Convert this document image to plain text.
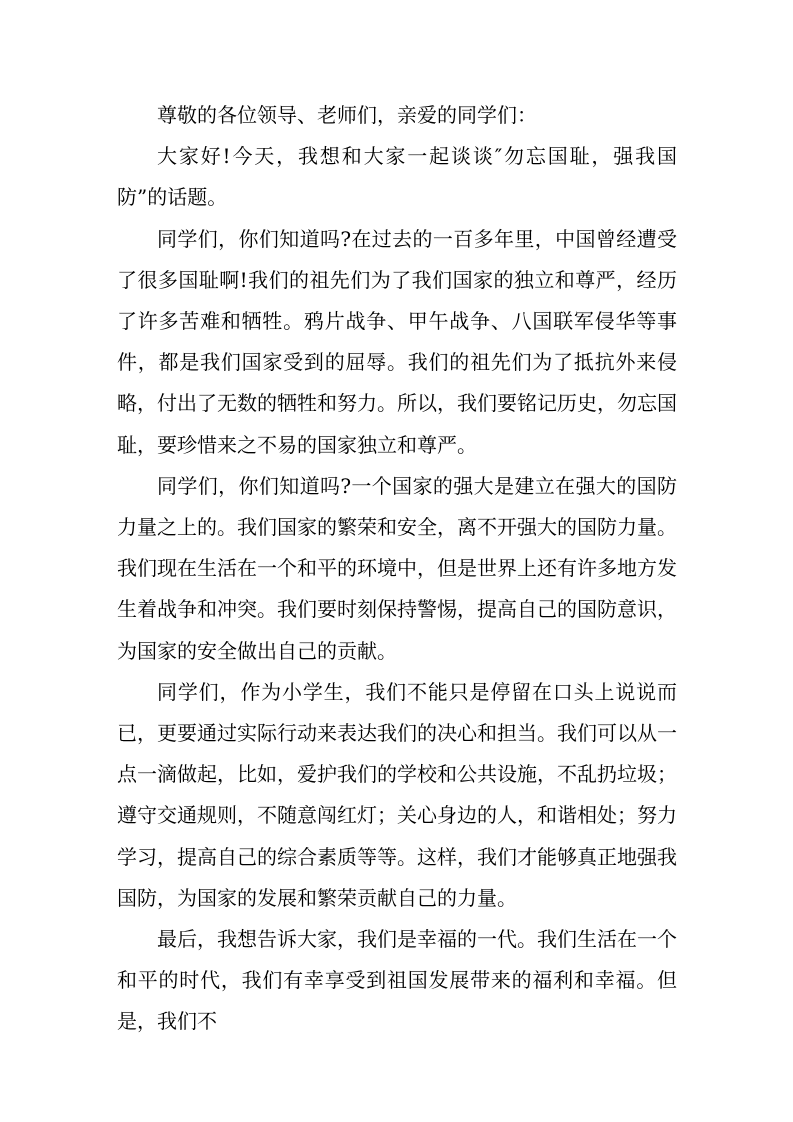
尊敬的各位领导、老师们，亲爱的同学们：

大家好!今天，我想和大家一起谈谈″勿忘国耻，强我国防”的话题。

同学们，你们知道吗?在过去的一百多年里，中国曾经遭受了很多国耻啊!我们的祖先们为了我们国家的独立和尊严，经历了许多苦难和牺牲。鸦片战争、甲午战争、八国联军侵华等事件，都是我们国家受到的屈辱。我们的祖先们为了抵抗外来侵略，付出了无数的牺牲和努力。所以，我们要铭记历史，勿忘国耻，要珍惜来之不易的国家独立和尊严。

同学们，你们知道吗?一个国家的强大是建立在强大的国防力量之上的。我们国家的繁荣和安全，离不开强大的国防力量。我们现在生活在一个和平的环境中，但是世界上还有许多地方发生着战争和冲突。我们要时刻保持警惕，提高自己的国防意识，为国家的安全做出自己的贡献。

同学们，作为小学生，我们不能只是停留在口头上说说而已，更要通过实际行动来表达我们的决心和担当。我们可以从一点一滴做起，比如，爱护我们的学校和公共设施，不乱扔垃圾；遵守交通规则，不随意闯红灯；关心身边的人，和谐相处；努力学习，提高自己的综合素质等等。这样，我们才能够真正地强我国防，为国家的发展和繁荣贡献自己的力量。

最后，我想告诉大家，我们是幸福的一代。我们生活在一个和平的时代，我们有幸享受到祖国发展带来的福利和幸福。但是，我们不
